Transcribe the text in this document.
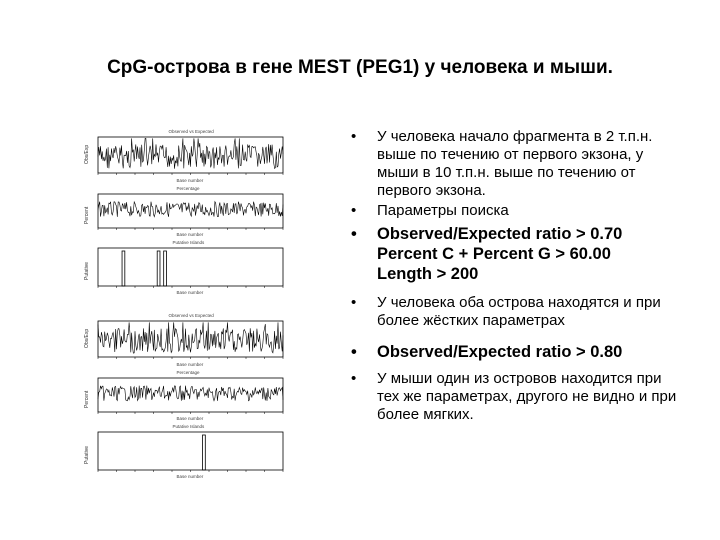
CpG-острова в гене MEST (PEG1) у человека и мыши.
Observed vs Expected
Obs/Exp
Base number
Percentage
Percent
Base number
Putative Islands
Putative
Base number
Observed vs Expected
Obs/Exp
Base number
Percentage
Percent
Base number
Putative Islands
Putative
Base number
• У человека начало фрагмента в 2 т.п.н. выше по течению от первого экзона, у мыши в 10 т.п.н. выше по течению от первого экзона.
• Параметры поиска
• Observed/Expected ratio > 0.70
Percent C + Percent G > 60.00
Length > 200
• У человека оба острова находятся и при более жёстких параметрах
• Observed/Expected ratio > 0.80
• У мыши один из островов находится при тех же параметрах, другого не видно и при более мягких.
